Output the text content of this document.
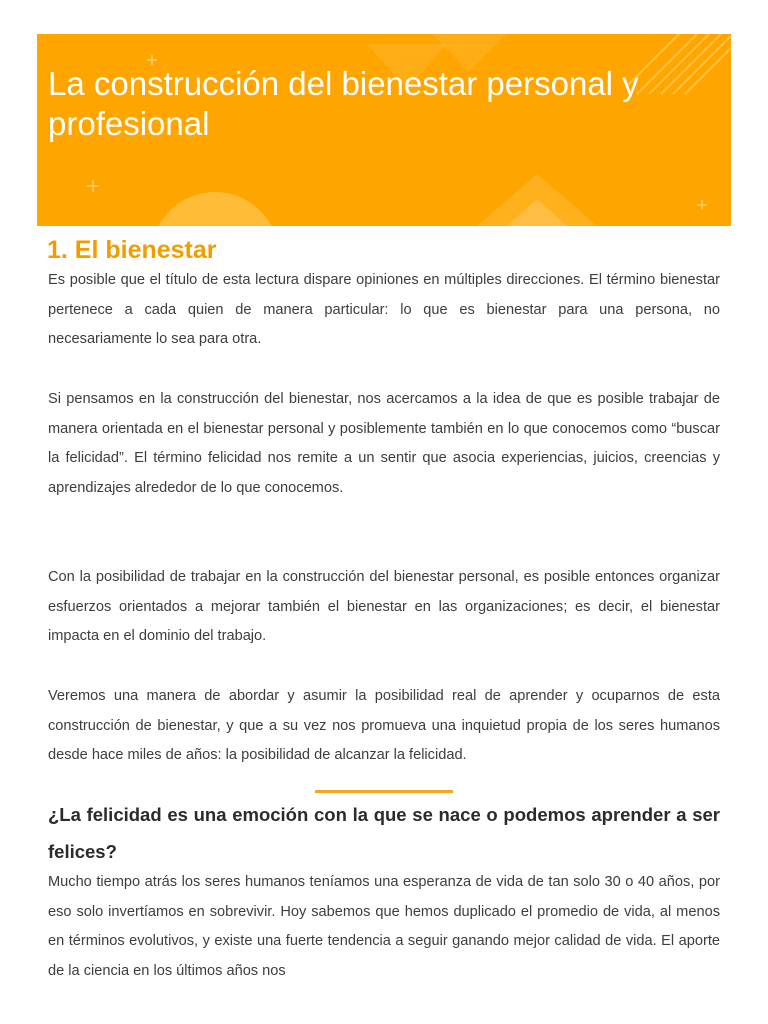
La construcción del bienestar personal y profesional
1. El bienestar

Es posible que el título de esta lectura dispare opiniones en múltiples direcciones. El término bienestar pertenece a cada quien de manera particular: lo que es bienestar para una persona, no necesariamente lo sea para otra.

Si pensamos en la construcción del bienestar, nos acercamos a la idea de que es posible trabajar de manera orientada en el bienestar personal y posiblemente también en lo que conocemos como “buscar la felicidad”. El término felicidad nos remite a un sentir que asocia experiencias, juicios, creencias y aprendizajes alrededor de lo que conocemos.

Con la posibilidad de trabajar en la construcción del bienestar personal, es posible entonces organizar esfuerzos orientados a mejorar también el bienestar en las organizaciones; es decir, el bienestar impacta en el dominio del trabajo.

Veremos una manera de abordar y asumir la posibilidad real de aprender y ocuparnos de esta construcción de bienestar, y que a su vez nos promueva una inquietud propia de los seres humanos desde hace miles de años: la posibilidad de alcanzar la felicidad.

¿La felicidad es una emoción con la que se nace o podemos aprender a ser felices?

Mucho tiempo atrás los seres humanos teníamos una esperanza de vida de tan solo 30 o 40 años, por eso solo invertíamos en sobrevivir. Hoy sabemos que hemos duplicado el promedio de vida, al menos en términos evolutivos, y existe una fuerte tendencia a seguir ganando mejor calidad de vida. El aporte de la ciencia en los últimos años nos
